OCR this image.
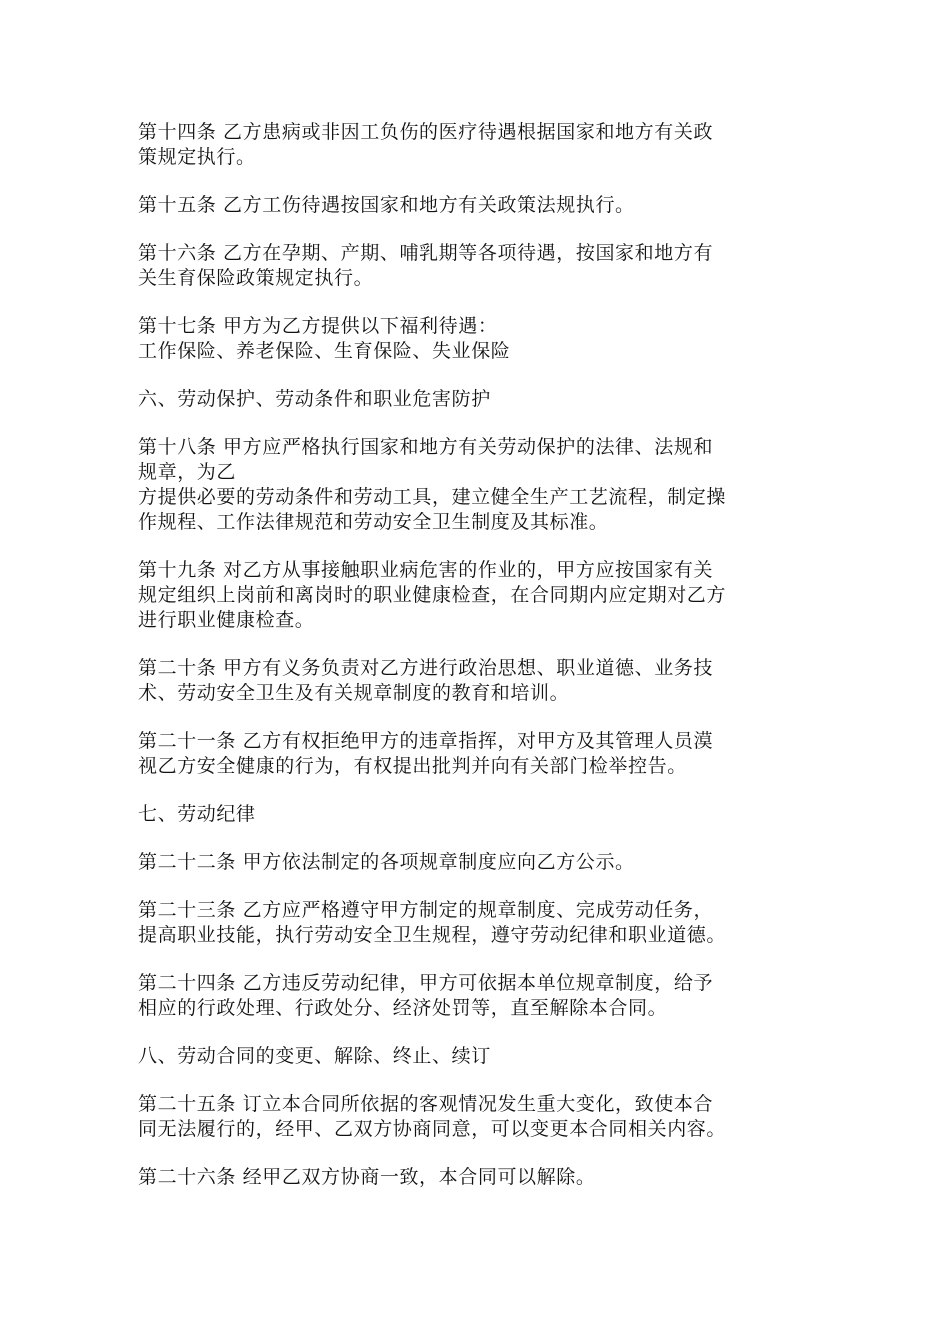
第十四条 乙方患病或非因工负伤的医疗待遇根据国家和地方有关政
策规定执行。
第十五条 乙方工伤待遇按国家和地方有关政策法规执行。
第十六条 乙方在孕期、产期、哺乳期等各项待遇，按国家和地方有
关生育保险政策规定执行。
第十七条 甲方为乙方提供以下福利待遇：
工作保险、养老保险、生育保险、失业保险
六、劳动保护、劳动条件和职业危害防护
第十八条 甲方应严格执行国家和地方有关劳动保护的法律、法规和
规章，为乙
方提供必要的劳动条件和劳动工具，建立健全生产工艺流程，制定操
作规程、工作法律规范和劳动安全卫生制度及其标准。
第十九条 对乙方从事接触职业病危害的作业的，甲方应按国家有关
规定组织上岗前和离岗时的职业健康检查，在合同期内应定期对乙方
进行职业健康检查。
第二十条 甲方有义务负责对乙方进行政治思想、职业道德、业务技
术、劳动安全卫生及有关规章制度的教育和培训。
第二十一条 乙方有权拒绝甲方的违章指挥，对甲方及其管理人员漠
视乙方安全健康的行为，有权提出批判并向有关部门检举控告。
七、劳动纪律
第二十二条 甲方依法制定的各项规章制度应向乙方公示。
第二十三条 乙方应严格遵守甲方制定的规章制度、完成劳动任务，
提高职业技能，执行劳动安全卫生规程，遵守劳动纪律和职业道德。
第二十四条 乙方违反劳动纪律，甲方可依据本单位规章制度，给予
相应的行政处理、行政处分、经济处罚等，直至解除本合同。
八、劳动合同的变更、解除、终止、续订
第二十五条 订立本合同所依据的客观情况发生重大变化，致使本合
同无法履行的，经甲、乙双方协商同意，可以变更本合同相关内容。
第二十六条 经甲乙双方协商一致，本合同可以解除。
